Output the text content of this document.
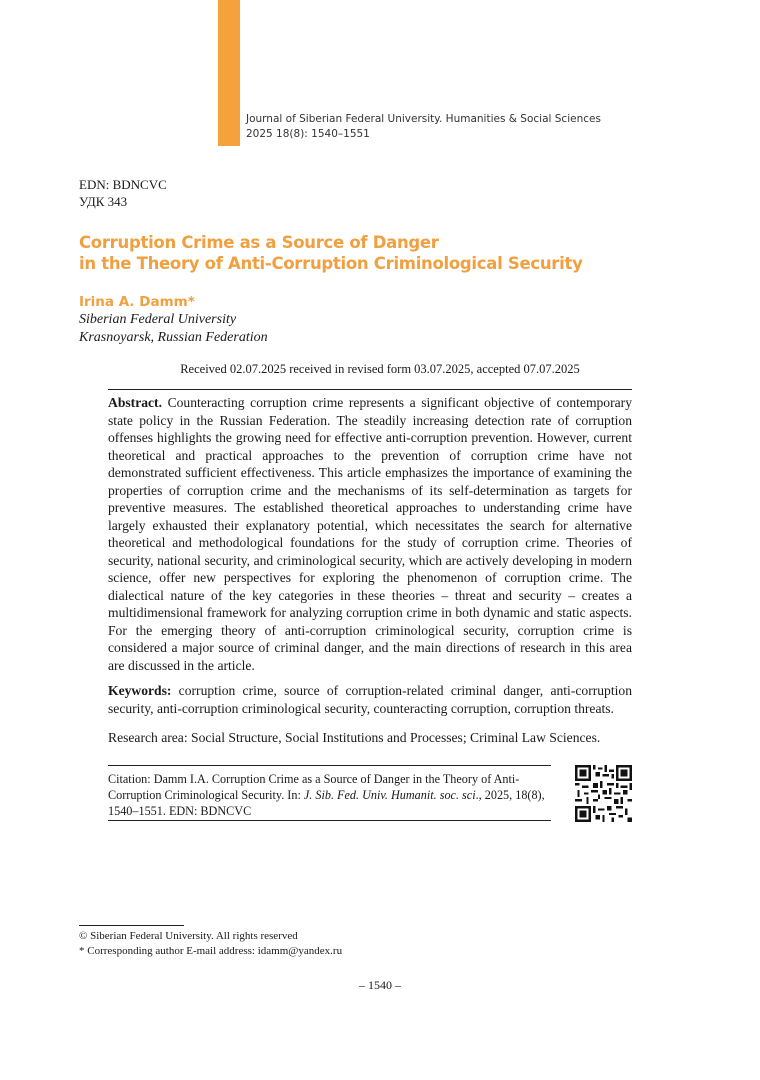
Journal of Siberian Federal University. Humanities & Social Sciences
2025 18(8): 1540–1551
EDN: BDNCVC
УДК 343
Corruption Crime as a Source of Danger
in the Theory of Anti-Corruption Criminological Security
Irina A. Damm*
Siberian Federal University
Krasnoyarsk, Russian Federation
Received 02.07.2025 received in revised form 03.07.2025, accepted 07.07.2025

Abstract. Counteracting corruption crime represents a significant objective of contemporary state policy in the Russian Federation. The steadily increasing detection rate of corruption offenses highlights the growing need for effective anti-corruption prevention. However, current theoretical and practical approaches to the prevention of corruption crime have not demonstrated sufficient effectiveness. This article emphasizes the importance of examining the properties of corruption crime and the mechanisms of its self-determination as targets for preventive measures. The established theoretical approaches to understanding crime have largely exhausted their explanatory potential, which necessitates the search for alternative theoretical and methodological foundations for the study of corruption crime. Theories of security, national security, and criminological security, which are actively developing in modern science, offer new perspectives for exploring the phenomenon of corruption crime. The dialectical nature of the key categories in these theories – threat and security – creates a multidimensional framework for analyzing corruption crime in both dynamic and static aspects. For the emerging theory of anti-corruption criminological security, corruption crime is considered a major source of criminal danger, and the main directions of research in this area are discussed in the article.

Keywords: corruption crime, source of corruption-related criminal danger, anti-corruption security, anti-corruption criminological security, counteracting corruption, corruption threats.

Research area: Social Structure, Social Institutions and Processes; Criminal Law Sciences.

Citation: Damm I.A. Corruption Crime as a Source of Danger in the Theory of Anti-Corruption Criminological Security. In: J. Sib. Fed. Univ. Humanit. soc. sci., 2025, 18(8), 1540–1551. EDN: BDNCVC

© Siberian Federal University. All rights reserved
* Corresponding author E-mail address: idamm@yandex.ru
– 1540 –
